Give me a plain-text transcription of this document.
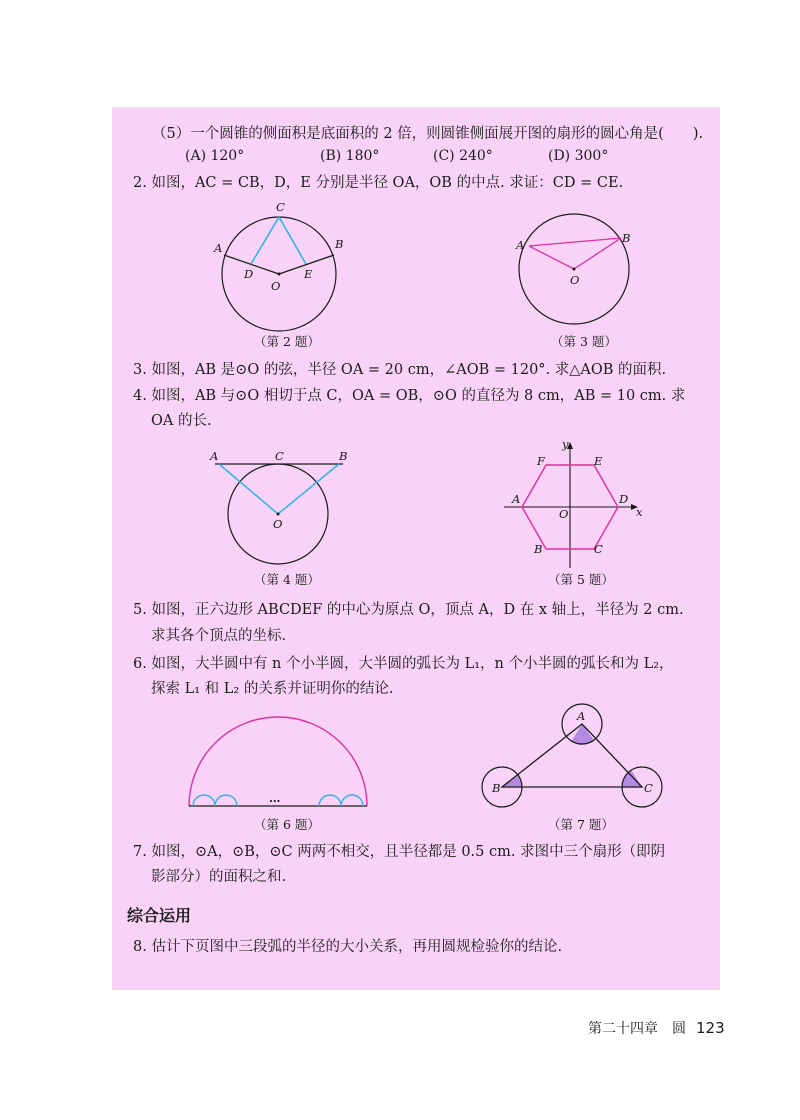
（5）一个圆锥的侧面积是底面积的 2 倍，则圆锥侧面展开图的扇形的圆心角是(　　).
(A) 120°	(B) 180°	(C) 240°	(D) 300°
2. 如图，AC = CB，D，E 分别是半径 OA，OB 的中点. 求证：CD = CE.
C
A	B
D	E
O
（第 2 题）
A	B
O
（第 3 题）
3. 如图，AB 是⊙O 的弦，半径 OA = 20 cm，∠AOB = 120°. 求△AOB 的面积.
4. 如图，AB 与⊙O 相切于点 C，OA = OB，⊙O 的直径为 8 cm，AB = 10 cm. 求
OA 的长.
A	C	B
O
（第 4 题）
y
x
F	E
A	D
O
B	C
（第 5 题）
5. 如图，正六边形 ABCDEF 的中心为原点 O，顶点 A，D 在 x 轴上，半径为 2 cm.
求其各个顶点的坐标.
6. 如图，大半圆中有 n 个小半圆，大半圆的弧长为 L₁，n 个小半圆的弧长和为 L₂，
探索 L₁ 和 L₂ 的关系并证明你的结论.
…
（第 6 题）
A
B	C
（第 7 题）
7. 如图，⊙A，⊙B，⊙C 两两不相交，且半径都是 0.5 cm. 求图中三个扇形（即阴
影部分）的面积之和.
综合运用
8. 估计下页图中三段弧的半径的大小关系，再用圆规检验你的结论.
第二十四章　圆 123
